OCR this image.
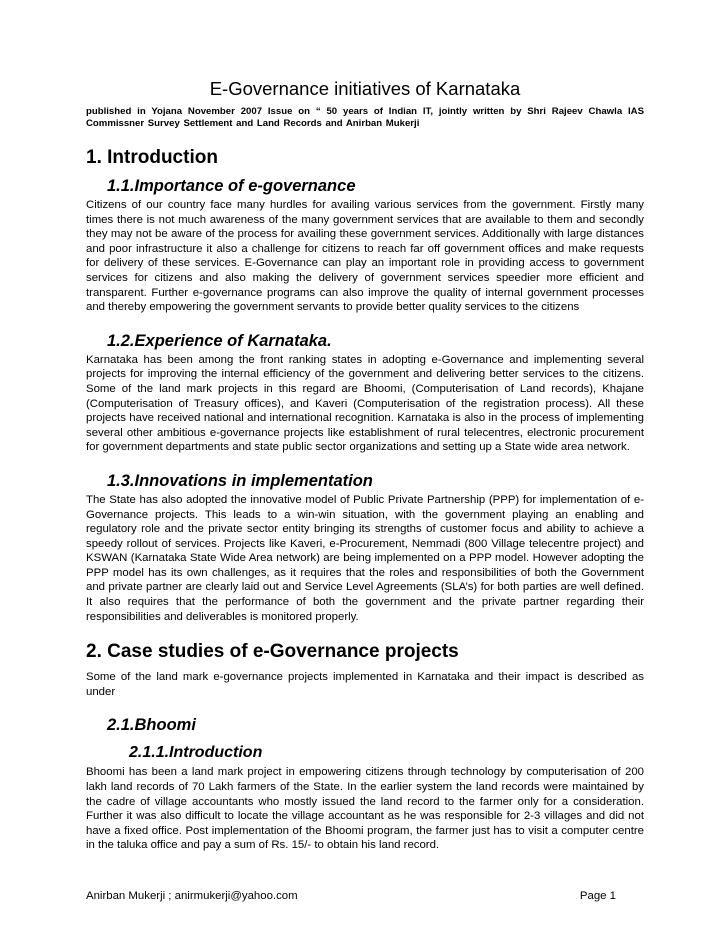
E-Governance initiatives of Karnataka
published in Yojana November 2007 Issue on “ 50 years of Indian IT, jointly written by Shri Rajeev Chawla IAS Commissner Survey Settlement and Land Records and Anirban Mukerji
1. Introduction
1.1.Importance of e-governance

Citizens of our country face many hurdles for availing various services from the government. Firstly many times there is not much awareness of the many government services that are available to them and secondly they may not be aware of the process for availing these government services. Additionally with large distances and poor infrastructure it also a challenge for citizens to reach far off government offices and make requests for delivery of these services. E-Governance can play an important role in providing access to government services for citizens and also making the delivery of government services speedier more efficient and transparent. Further e-governance programs can also improve the quality of internal government processes and thereby empowering the government servants to provide better quality services to the citizens

1.2.Experience of Karnataka.

Karnataka has been among the front ranking states in adopting e-Governance and implementing several projects for improving the internal efficiency of the government and delivering better services to the citizens. Some of the land mark projects in this regard are Bhoomi, (Computerisation of Land records), Khajane (Computerisation of Treasury offices), and Kaveri (Computerisation of the registration process). All these projects have received national and international recognition. Karnataka is also in the process of implementing several other ambitious e-governance projects like establishment of rural telecentres, electronic procurement for government departments and state public sector organizations and setting up a State wide area network.

1.3.Innovations in implementation

The State has also adopted the innovative model of Public Private Partnership (PPP) for implementation of e-Governance projects. This leads to a win-win situation, with the government playing an enabling and regulatory role and the private sector entity bringing its strengths of customer focus and ability to achieve a speedy rollout of services. Projects like Kaveri, e-Procurement, Nemmadi (800 Village telecentre project) and KSWAN (Karnataka State Wide Area network) are being implemented on a PPP model. However adopting the PPP model has its own challenges, as it requires that the roles and responsibilities of both the Government and private partner are clearly laid out and Service Level Agreements (SLA’s) for both parties are well defined. It also requires that the performance of both the government and the private partner regarding their responsibilities and deliverables is monitored properly.

2. Case studies of e-Governance projects

Some of the land mark e-governance projects implemented in Karnataka and their impact is described as under

2.1.Bhoomi
2.1.1.Introduction

Bhoomi has been a land mark project in empowering citizens through technology by computerisation of 200 lakh land records of 70 Lakh farmers of the State. In the earlier system the land records were maintained by the cadre of village accountants who mostly issued the land record to the farmer only for a consideration. Further it was also difficult to locate the village accountant as he was responsible for 2-3 villages and did not have a fixed office. Post implementation of the Bhoomi program, the farmer just has to visit a computer centre in the taluka office and pay a sum of Rs. 15/- to obtain his land record.

Anirban Mukerji ; anirmukerji@yahoo.com	Page 1
